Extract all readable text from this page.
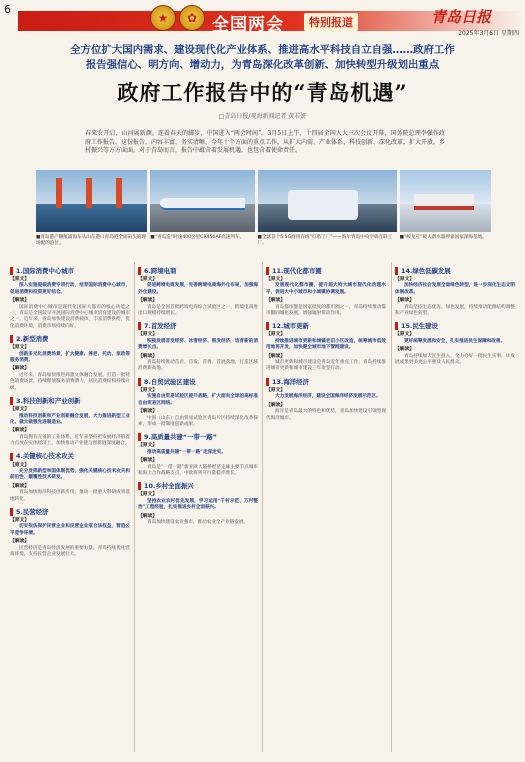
6
★	✿ 全国两会	特别报道	青岛日报
2025年3月6日 星期四
全方位扩大国内需求、建设现代化产业体系、推进高水平科技自立自强……政府工作
报告强信心、明方向、增动力，为青岛深化改革创新、加快转型升级划出重点
政府工作报告中的“青岛机遇”
□青岛日报/观海新闻记者 黄若妍
春来农开启，山河展新颜。连着春天的脚步，中国进入“两会时间”。3月5日上午，十四届全国人大三次会议开幕，国务院总理李强作政府工作报告。这份报告，内容丰富，务实清晰，今年十个方面的重点工作，从扩大内需、产业体系、科技创新、深化改革，扩大开放，乡村振兴等方方面面，对于青岛而言，报告中蕴含着发展机遇，也包含着使命责任。
■青岛港产顺航浦海车从山东港口青岛港全面码头的现场配的泊位。
■“青岛造”时速400公里CR450AF高速列车。	■全球首个5.5G商用在线“灯塔工厂”——海尔青岛中央空调互联工厂。
■“蛟龙号”载人潜水器停靠国家深海基地。
1.国际消费中心城市
【原文】
深入实施提振消费专项行动，培育国际消费中心城市，促进消费和投资更好结合。
【解读】
国际消费中心城市是现代化国际大都市的核心功能之一，青岛是全国较早开展国际消费中心城市培育建设的城市之一。近年来，青岛加快建设消费载体，丰富消费供给，优化消费环境，消费市场持续向好。
2.新型消费
【原文】
创新多元化消费场景，扩大健康、养老、托幼、家政等服务消费。
【解读】
近年来，青岛加快推进商旅文体融合发展，打造一批特色消费场景，持续释放服务消费潜力，居民消费结构持续升级。
3.科技创新和产业创新
【原文】
推动科技创新和产业创新融合发展，大力推进新型工业化，做大做强先进制造业。
【解读】
青岛拥有完备的工业体系，近年来坚持把发展经济的着力点放在实体经济上，加快推动产业链与创新链深度融合。
4.关键核心技术攻关
【原文】
充分发挥新型举国体制优势，强化关键核心技术攻关和前沿性、颠覆性技术研发。
【解读】
青岛加快海洋科技创新步伐，推动一批重大科研成果落地转化。
5.民营经济
【原文】
切实依法保护民营企业和民营企业家合法权益，营造公平竞争环境。
【解读】
民营经济是青岛经济发展的重要力量。青岛持续优化营商环境，支持民营企业发展壮大。
6.跨境电商
【原文】
促进跨境电商发展，完善跨境电商海外仓布局，加强海外仓建设。
【解读】
青岛是全国首批跨境电商综合试验区之一，跨境电商进出口规模持续增长。
7.首发经济
【原文】
积极发展首发经济、冰雪经济、银发经济，培育新的消费增长点。
【解读】
青岛持续推动首店、首发、首秀、首展落地，打造区域消费新高地。
8.自贸试验区建设
【原文】
实施自由贸易试验区提升战略，扩大面向全球的高标准自由贸易区网络。
【解读】
中国（山东）自由贸易试验区青岛片区持续深化改革探索，形成一批制度创新成果。
9.高质量共建“一带一路”
【原文】
推动高质量共建“一带一路”走深走实。
【解读】
青岛是“一带一路”新亚欧大陆桥经济走廊主要节点城市和海上合作战略支点，中欧班列开行量稳步增长。
10.乡村全面振兴
【原文】
坚持农业农村优先发展，学习运用“千村示范、万村整治”工程经验，扎实推进乡村全面振兴。
【解读】
青岛加快建设农业强市，推动农业全产业链发展。
11.现代化都市圈
【原文】
发展现代化都市圈，提升超大特大城市现代化治理水平，促进大中小城市和小城镇协调发展。
【解读】
青岛都市圈是国家批复的都市圈之一，青岛持续推动都市圈同城化发展，增强辐射带动作用。
12.城市更新
【原文】
持续推进城市更新和城镇老旧小区改造，统筹城市低效用地再开发，加快健全城市地下管网建设。
【解读】
城市更新和城市建设是青岛近年重点工作，青岛持续推进城市更新和城市建设三年攻坚行动。
13.海洋经济
【原文】
大力发展海洋经济，建设全国海洋经济发展示范区。
【解读】
海洋是青岛最大的特色和优势，青岛加快建设引领型现代海洋城市。
14.绿色低碳发展
【原文】
加快经济社会发展全面绿色转型，进一步深化生态文明体制改革。
【解读】
青岛坚持生态优先、绿色发展，持续推动能源结构调整和产业绿色转型。
15.民生建设
【原文】
更好统筹发展和安全，扎实推进民生保障和改善。
【解读】
青岛持续加大民生投入，全力办好一批民生实事，让发展成果更多更公平惠及人民群众。
